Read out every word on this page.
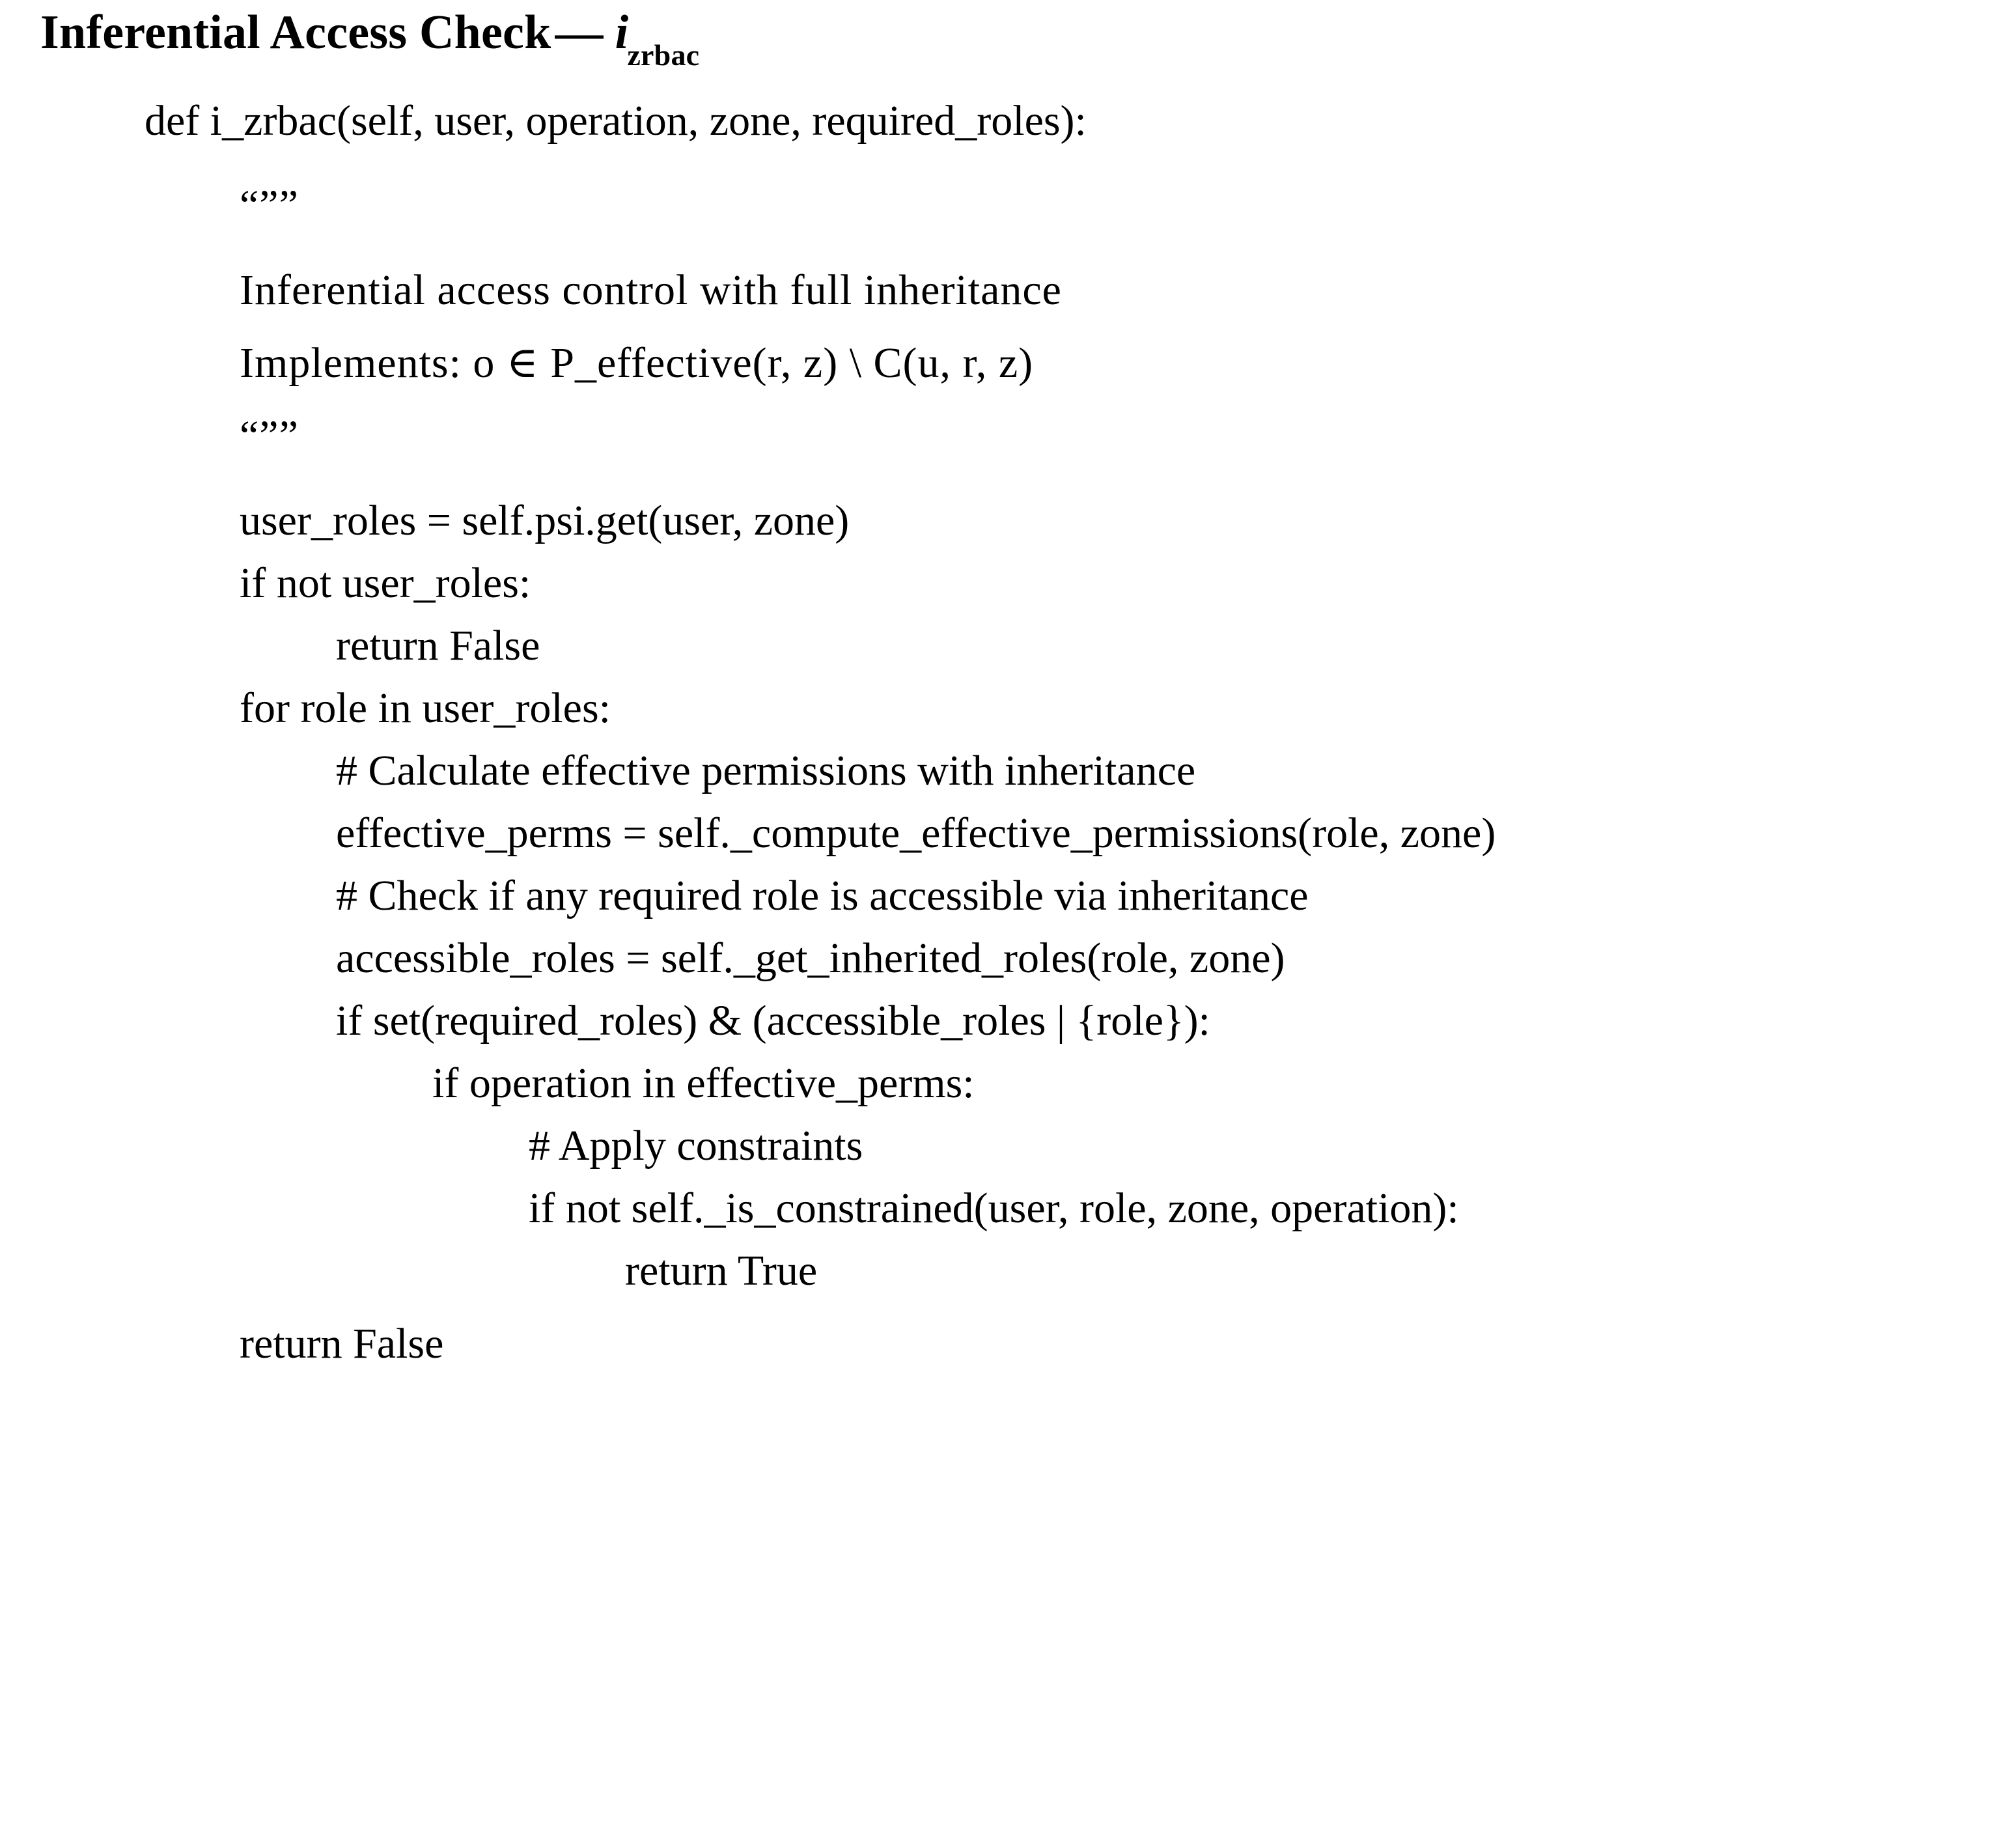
Inferential Access Check— $i_{zrbac}$
def i_zrbac(self, user, operation, zone, required_roles):
“””
Inferential access control with full inheritance
Implements: o ∈ P_effective(r, z) \ C(u, r, z)
“””
user_roles = self.psi.get(user, zone)
if not user_roles:
return False
for role in user_roles:
# Calculate effective permissions with inheritance
effective_perms = self._compute_effective_permissions(role, zone)
# Check if any required role is accessible via inheritance
accessible_roles = self._get_inherited_roles(role, zone)
if set(required_roles) & (accessible_roles | {role}):
if operation in effective_perms:
# Apply constraints
if not self._is_constrained(user, role, zone, operation):
return True
return False
